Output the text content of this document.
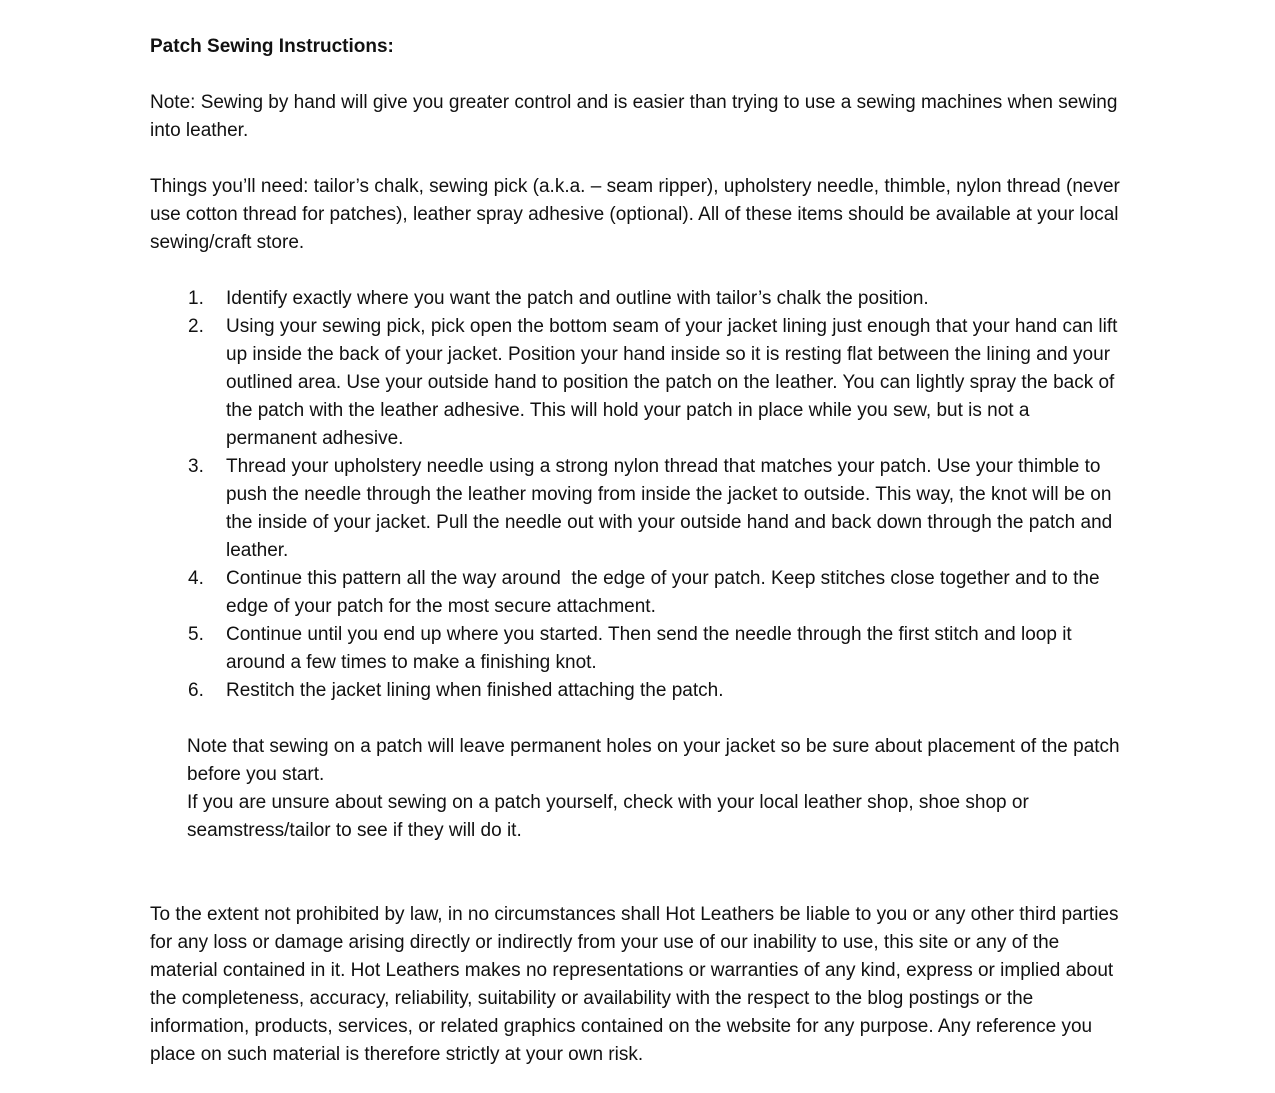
Patch Sewing Instructions:

Note: Sewing by hand will give you greater control and is easier than trying to use a sewing machines when sewing into leather.

Things you’ll need: tailor’s chalk, sewing pick (a.k.a. – seam ripper), upholstery needle, thimble, nylon thread (never use cotton thread for patches), leather spray adhesive (optional). All of these items should be available at your local sewing/craft store.

1.	Identify exactly where you want the patch and outline with tailor’s chalk the position.
2.	Using your sewing pick, pick open the bottom seam of your jacket lining just enough that your hand can lift up inside the back of your jacket. Position your hand inside so it is resting flat between the lining and your outlined area. Use your outside hand to position the patch on the leather. You can lightly spray the back of the patch with the leather adhesive. This will hold your patch in place while you sew, but is not a permanent adhesive.
3.	Thread your upholstery needle using a strong nylon thread that matches your patch. Use your thimble to push the needle through the leather moving from inside the jacket to outside. This way, the knot will be on the inside of your jacket. Pull the needle out with your outside hand and back down through the patch and leather.
4.	Continue this pattern all the way around  the edge of your patch. Keep stitches close together and to the edge of your patch for the most secure attachment.
5.	Continue until you end up where you started. Then send the needle through the first stitch and loop it around a few times to make a finishing knot.
6.	Restitch the jacket lining when finished attaching the patch.
Note that sewing on a patch will leave permanent holes on your jacket so be sure about placement of the patch before you start.
If you are unsure about sewing on a patch yourself, check with your local leather shop, shoe shop or seamstress/tailor to see if they will do it.

To the extent not prohibited by law, in no circumstances shall Hot Leathers be liable to you or any other third parties for any loss or damage arising directly or indirectly from your use of our inability to use, this site or any of the material contained in it. Hot Leathers makes no representations or warranties of any kind, express or implied about the completeness, accuracy, reliability, suitability or availability with the respect to the blog postings or the information, products, services, or related graphics contained on the website for any purpose. Any reference you place on such material is therefore strictly at your own risk.
